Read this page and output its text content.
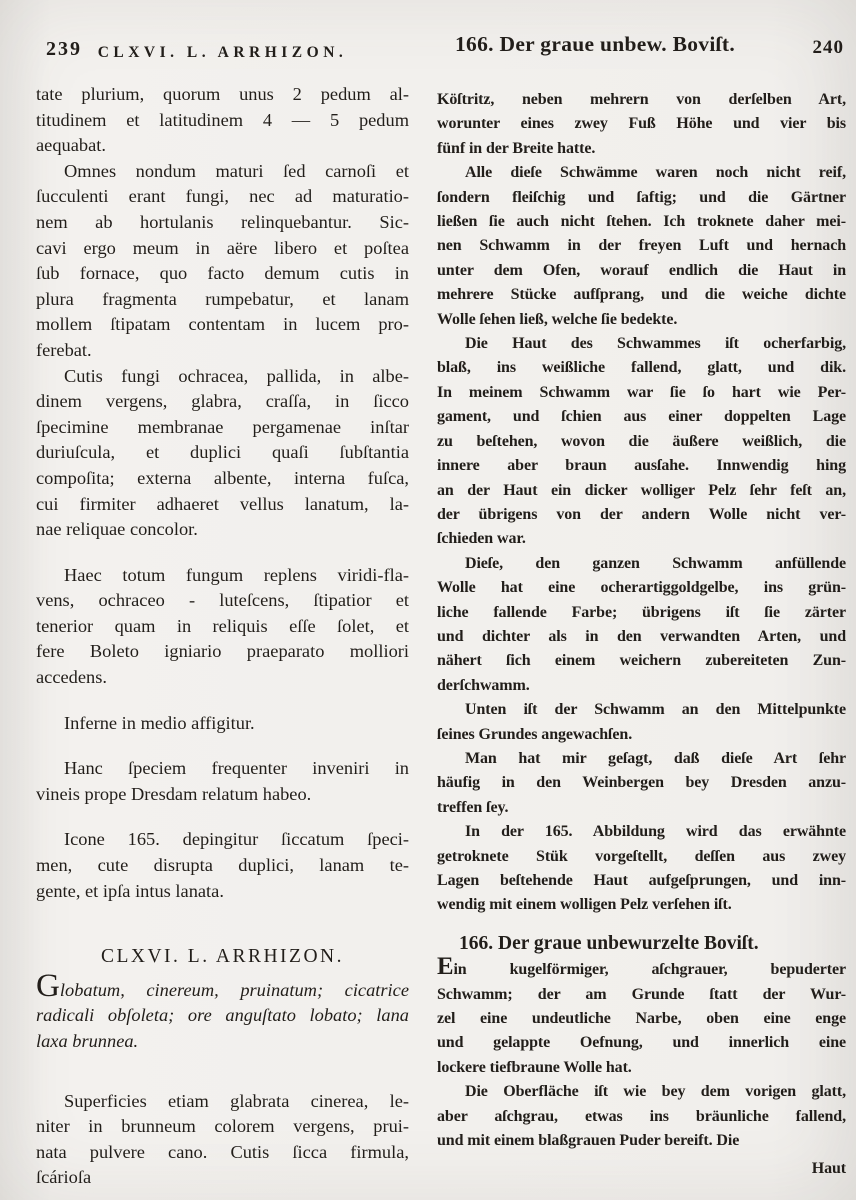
239	CLXVI. L. ARRHIZON.	166. Der graue unbew. Boviſt.	240
tate plurium, quorum unus 2 pedum al-
titudinem et latitudinem 4 — 5 pedum
aequabat.
Omnes nondum maturi ſed carnoſi et
ſucculenti erant fungi, nec ad maturatio-
nem ab hortulanis relinquebantur. Sic-
cavi ergo meum in aëre libero et poſtea
ſub fornace, quo facto demum cutis in
plura fragmenta rumpebatur, et lanam
mollem ſtipatam contentam in lucem pro-
ferebat.
Cutis fungi ochracea, pallida, in albe-
dinem vergens, glabra, craſſa, in ſicco
ſpecimine membranae pergamenae inſtar
duriuſcula, et duplici quaſi ſubſtantia
compoſita; externa albente, interna fuſca,
cui firmiter adhaeret vellus lanatum, la-
nae reliquae concolor.
Haec totum fungum replens viridi-fla-
vens, ochraceo - luteſcens, ſtipatior et
tenerior quam in reliquis eſſe ſolet, et
fere Boleto igniario praeparato molliori
accedens.
Inferne in medio affigitur.
Hanc ſpeciem frequenter inveniri in
vineis prope Dresdam relatum habeo.
Icone 165. depingitur ſiccatum ſpeci-
men, cute disrupta duplici, lanam te-
gente, et ipſa intus lanata.
CLXVI. L. ARRHIZON.
Globatum, cinereum, pruinatum; cicatrice
radicali obſoleta; ore anguſtato lobato; lana
laxa brunnea.
Superficies etiam glabrata cinerea, le-
niter in brunneum colorem vergens, prui-
nata pulvere cano. Cutis ſicca firmula,
ſcárioſa
Köſtritz, neben mehrern von derſelben Art,
worunter eines zwey Fuß Höhe und vier bis
fünf in der Breite hatte.
Alle dieſe Schwämme waren noch nicht reif,
ſondern fleiſchig und ſaftig; und die Gärtner
ließen ſie auch nicht ſtehen. Ich troknete daher mei-
nen Schwamm in der freyen Luft und hernach
unter dem Ofen, worauf endlich die Haut in
mehrere Stücke aufſprang, und die weiche dichte
Wolle ſehen ließ, welche ſie bedekte.
Die Haut des Schwammes iſt ocherfarbig,
blaß, ins weißliche fallend, glatt, und dik.
In meinem Schwamm war ſie ſo hart wie Per-
gament, und ſchien aus einer doppelten Lage
zu beſtehen, wovon die äußere weißlich, die
innere aber braun ausſahe. Innwendig hing
an der Haut ein dicker wolliger Pelz ſehr feſt an,
der übrigens von der andern Wolle nicht ver-
ſchieden war.
Dieſe, den ganzen Schwamm anfüllende
Wolle hat eine ocherartiggoldgelbe, ins grün-
liche fallende Farbe; übrigens iſt ſie zärter
und dichter als in den verwandten Arten, und
nähert ſich einem weichern zubereiteten Zun-
derſchwamm.
Unten iſt der Schwamm an den Mittelpunkte
ſeines Grundes angewachſen.
Man hat mir geſagt, daß dieſe Art ſehr
häufig in den Weinbergen bey Dresden anzu-
treffen ſey.
In der 165. Abbildung wird das erwähnte
getroknete Stük vorgeſtellt, deſſen aus zwey
Lagen beſtehende Haut aufgeſprungen, und inn-
wendig mit einem wolligen Pelz verſehen iſt.
166. Der graue unbewurzelte Boviſt.
Ein kugelförmiger, aſchgrauer, bepuderter
Schwamm; der am Grunde ſtatt der Wur-
zel eine undeutliche Narbe, oben eine enge
und gelappte Oefnung, und innerlich eine
lockere tiefbraune Wolle hat.
Die Oberfläche iſt wie bey dem vorigen glatt,
aber aſchgrau, etwas ins bräunliche fallend,
und mit einem blaßgrauen Puder bereift. Die
Haut
